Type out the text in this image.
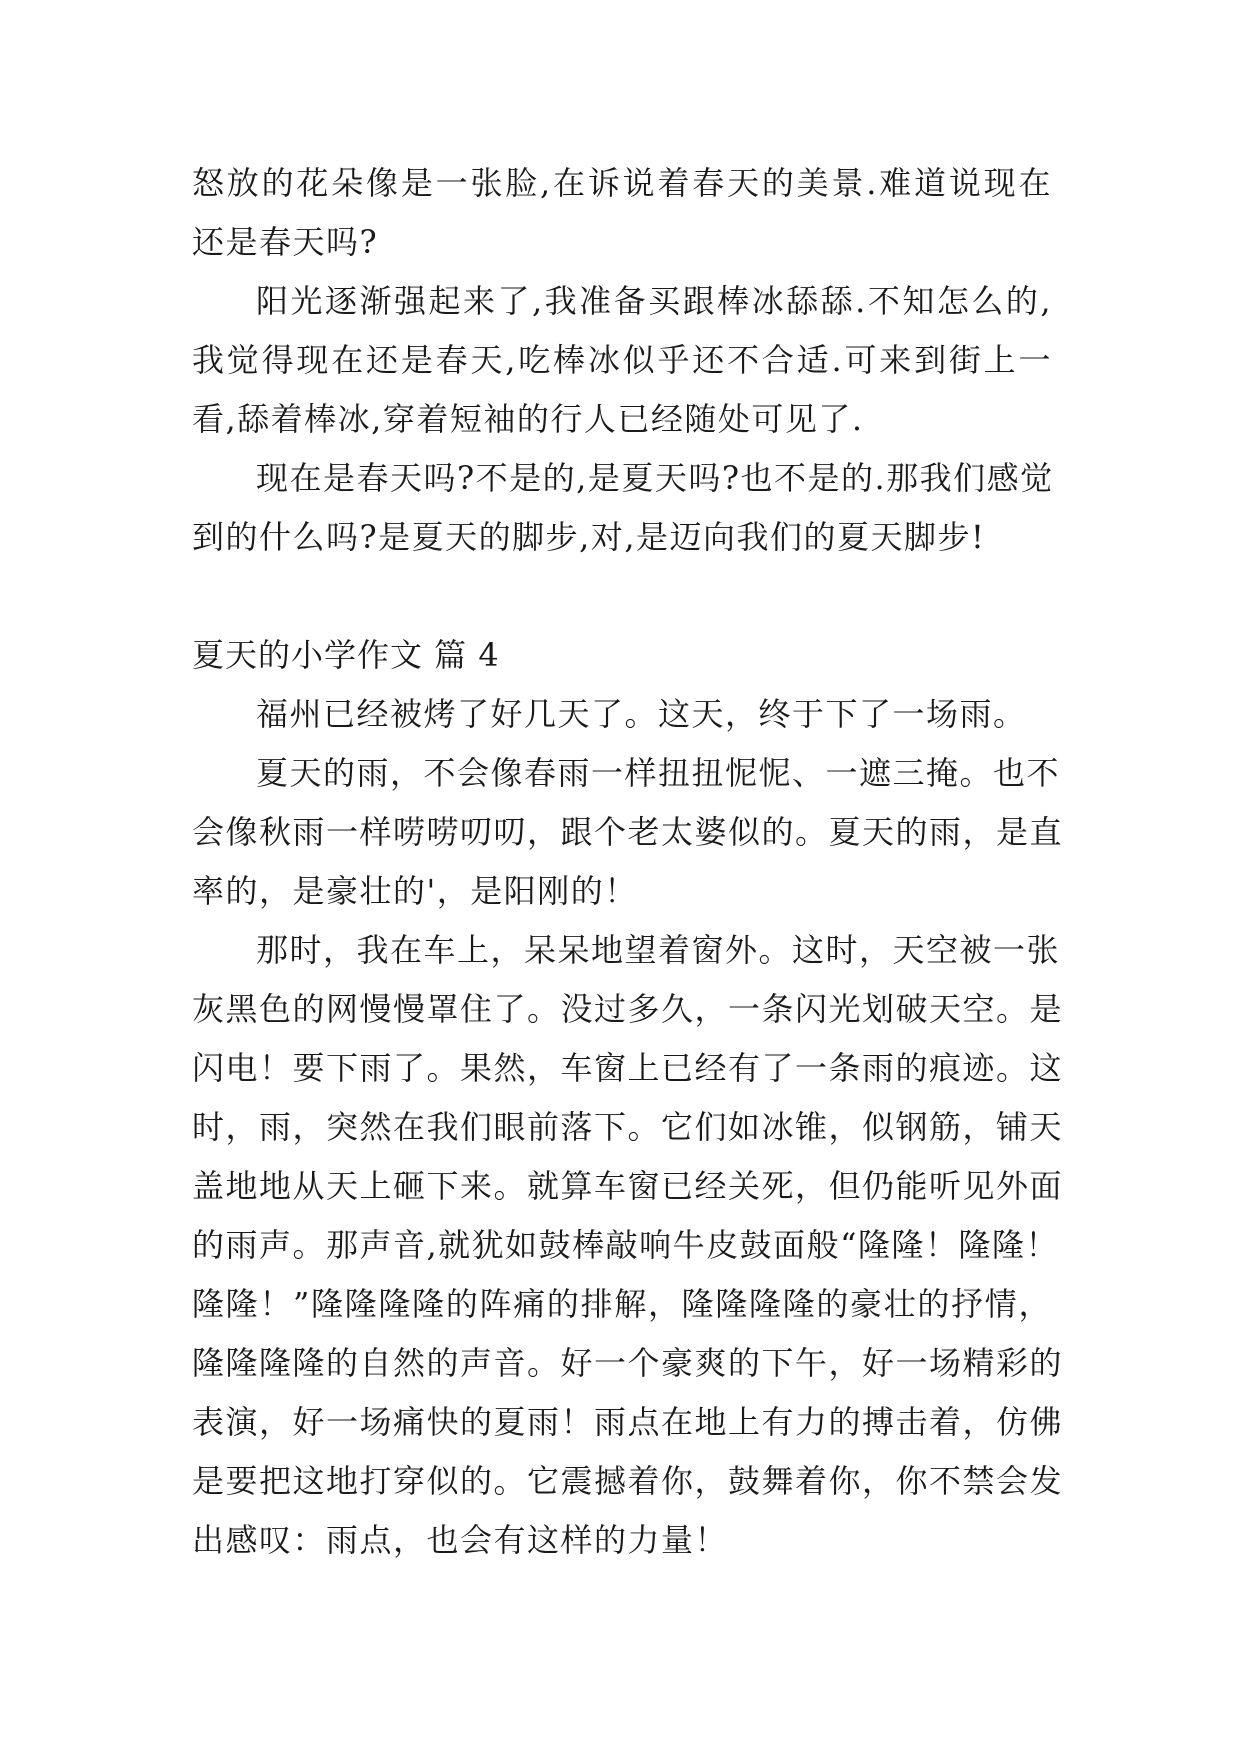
怒放的花朵像是一张脸,在诉说着春天的美景.难道说现在
还是春天吗?
阳光逐渐强起来了,我准备买跟棒冰舔舔.不知怎么的,
我觉得现在还是春天,吃棒冰似乎还不合适.可来到街上一
看,舔着棒冰,穿着短袖的行人已经随处可见了.
现在是春天吗?不是的,是夏天吗?也不是的.那我们感觉
到的什么吗?是夏天的脚步,对,是迈向我们的夏天脚步!
夏天的小学作文 篇 4
福州已经被烤了好几天了。这天，终于下了一场雨。
夏天的雨，不会像春雨一样扭扭怩怩、一遮三掩。也不
会像秋雨一样唠唠叨叨，跟个老太婆似的。夏天的雨，是直
率的，是豪壮的'，是阳刚的！
那时，我在车上，呆呆地望着窗外。这时，天空被一张
灰黑色的网慢慢罩住了。没过多久，一条闪光划破天空。是
闪电！要下雨了。果然，车窗上已经有了一条雨的痕迹。这
时，雨，突然在我们眼前落下。它们如冰锥，似钢筋，铺天
盖地地从天上砸下来。就算车窗已经关死，但仍能听见外面
的雨声。那声音,就犹如鼓棒敲响牛皮鼓面般“隆隆！隆隆！
隆隆！”隆隆隆隆的阵痛的排解，隆隆隆隆的豪壮的抒情，
隆隆隆隆的自然的声音。好一个豪爽的下午，好一场精彩的
表演，好一场痛快的夏雨！雨点在地上有力的搏击着，仿佛
是要把这地打穿似的。它震撼着你，鼓舞着你，你不禁会发
出感叹：雨点，也会有这样的力量！
